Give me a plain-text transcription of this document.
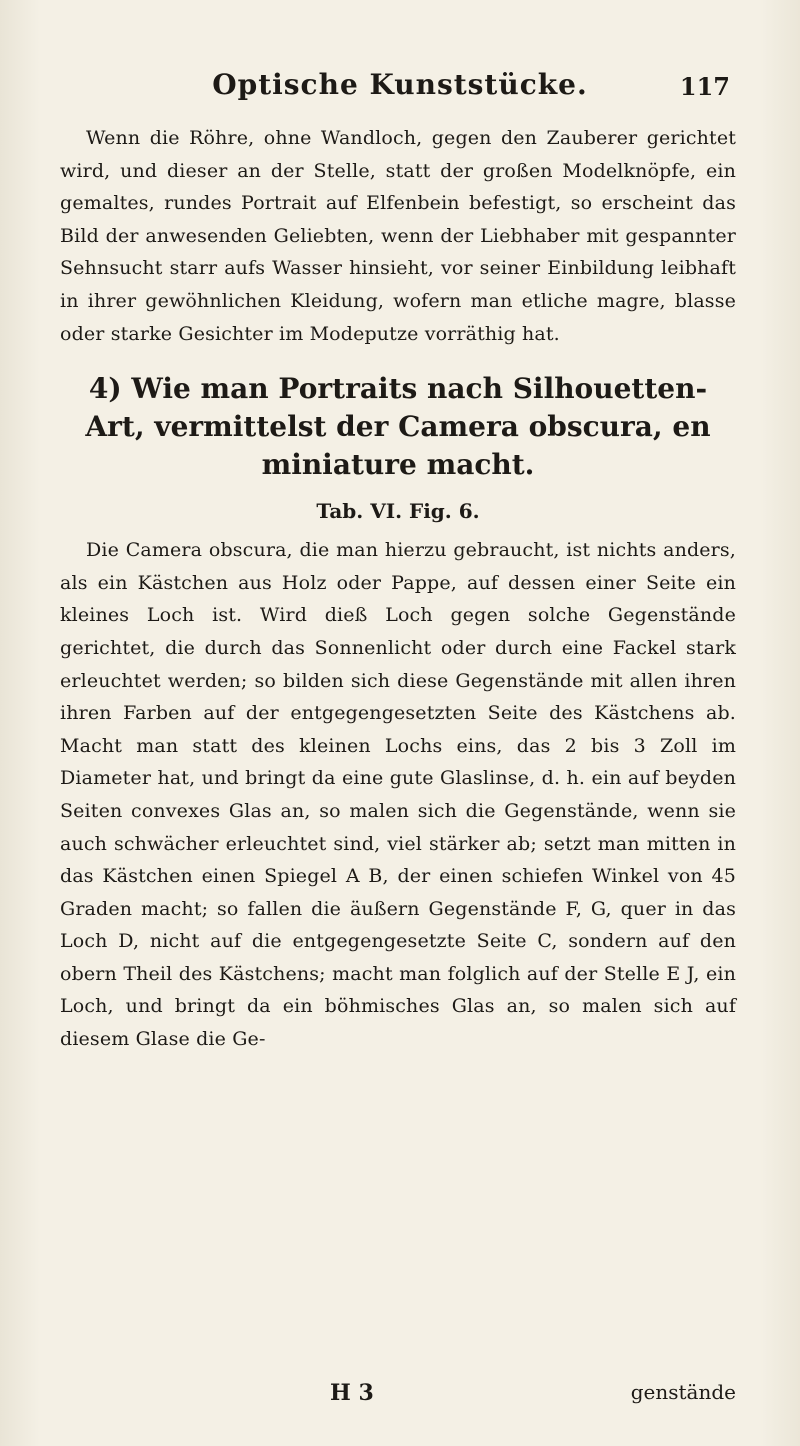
Optische Kunststücke.	117

Wenn die Röhre, ohne Wandloch, gegen den Zauberer gerichtet wird, und dieser an der Stelle, statt der großen Modelknöpfe, ein gemaltes, rundes Portrait auf Elfenbein befestigt, so erscheint das Bild der anwesenden Geliebten, wenn der Liebhaber mit gespannter Sehnsucht starr aufs Wasser hinsieht, vor seiner Einbildung leibhaft in ihrer gewöhnlichen Kleidung, wofern man etliche magre, blasse oder starke Gesichter im Modeputze vorräthig hat.

4) Wie man Portraits nach Silhouetten-Art, vermittelst der Camera obscura, en miniature macht.
Tab. VI. Fig. 6.

Die Camera obscura, die man hierzu gebraucht, ist nichts anders, als ein Kästchen aus Holz oder Pappe, auf dessen einer Seite ein kleines Loch ist. Wird dieß Loch gegen solche Gegenstände gerichtet, die durch das Sonnenlicht oder durch eine Fackel stark erleuchtet werden; so bilden sich diese Gegenstände mit allen ihren ihren Farben auf der entgegengesetzten Seite des Kästchens ab. Macht man statt des kleinen Lochs eins, das 2 bis 3 Zoll im Diameter hat, und bringt da eine gute Glaslinse, d. h. ein auf beyden Seiten convexes Glas an, so malen sich die Gegenstände, wenn sie auch schwächer erleuchtet sind, viel stärker ab; setzt man mitten in das Kästchen einen Spiegel A B, der einen schiefen Winkel von 45 Graden macht; so fallen die äußern Gegenstände F, G, quer in das Loch D, nicht auf die entgegengesetzte Seite C, sondern auf den obern Theil des Kästchens; macht man folglich auf der Stelle E J, ein Loch, und bringt da ein böhmisches Glas an, so malen sich auf diesem Glase die Ge-

H 3	genstände
